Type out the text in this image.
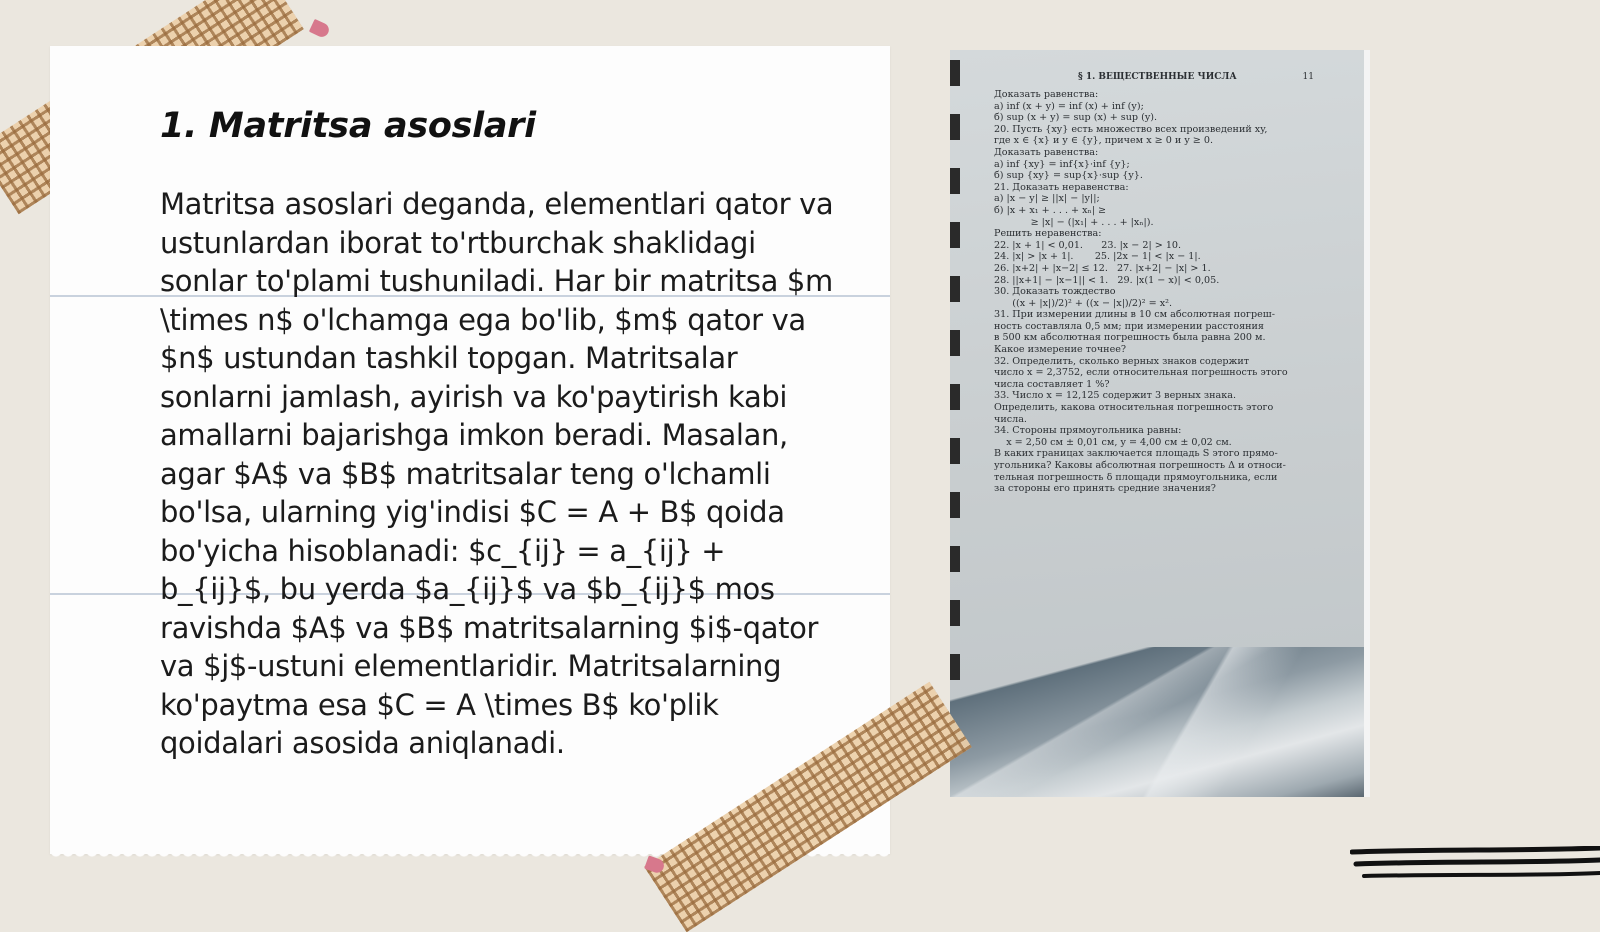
1. Matritsa asoslari

Matritsa asoslari deganda, elementlari qator va ustunlardan iborat to'rtburchak shaklidagi sonlar to'plami tushuniladi. Har bir matritsa $m \times n$ o'lchamga ega bo'lib, $m$ qator va $n$ ustundan tashkil topgan. Matritsalar sonlarni jamlash, ayirish va ko'paytirish kabi amallarni bajarishga imkon beradi. Masalan, agar $A$ va $B$ matritsalar teng o'lchamli bo'lsa, ularning yig'indisi $C = A + B$ qoida bo'yicha hisoblanadi: $c_{ij} = a_{ij} + b_{ij}$, bu yerda $a_{ij}$ va $b_{ij}$ mos ravishda $A$ va $B$ matritsalarning $i$-qator va $j$-ustuni elementlaridir. Matritsalarning ko'paytma esa $C = A \times B$ ko'plik qoidalari asosida aniqlanadi.

§ 1. ВЕЩЕСТВЕННЫЕ ЧИСЛА	11
Доказать равенства:
а) inf (x + y) = inf (x) + inf (y);
б) sup (x + y) = sup (x) + sup (y).
20. Пусть {xy} есть множество всех произведений xy,
где x ∈ {x} и y ∈ {y}, причем x ≥ 0 и y ≥ 0.
Доказать равенства:
а) inf {xy} = inf{x}·inf {y};
б) sup {xy} = sup{x}·sup {y}.
21. Доказать неравенства:
а) |x − y| ≥ ||x| − |y||;
б) |x + x₁ + . . . + xₙ| ≥
≥ |x| − (|x₁| + . . . + |xₙ|).
Решить неравенства:
22. |x + 1| < 0,01.      23. |x − 2| > 10.
24. |x| > |x + 1|.       25. |2x − 1| < |x − 1|.
26. |x+2| + |x−2| ≤ 12.   27. |x+2| − |x| > 1.
28. ||x+1| − |x−1|| < 1.   29. |x(1 − x)| < 0,05.
30. Доказать тождество
((x + |x|)/2)² + ((x − |x|)/2)² = x².
31. При измерении длины в 10 см абсолютная погреш-
ность составляла 0,5 мм; при измерении расстояния
в 500 км абсолютная погрешность была равна 200 м.
Какое измерение точнее?
32. Определить, сколько верных знаков содержит
число x = 2,3752, если относительная погрешность этого
числа составляет 1 %?
33. Число x = 12,125 содержит 3 верных знака.
Определить, какова относительная погрешность этого
числа.
34. Стороны прямоугольника равны:
x = 2,50 см ± 0,01 см, y = 4,00 см ± 0,02 см.
В каких границах заключается площадь S этого прямо-
угольника? Каковы абсолютная погрешность Δ и относи-
тельная погрешность δ площади прямоугольника, если
за стороны его принять средние значения?
